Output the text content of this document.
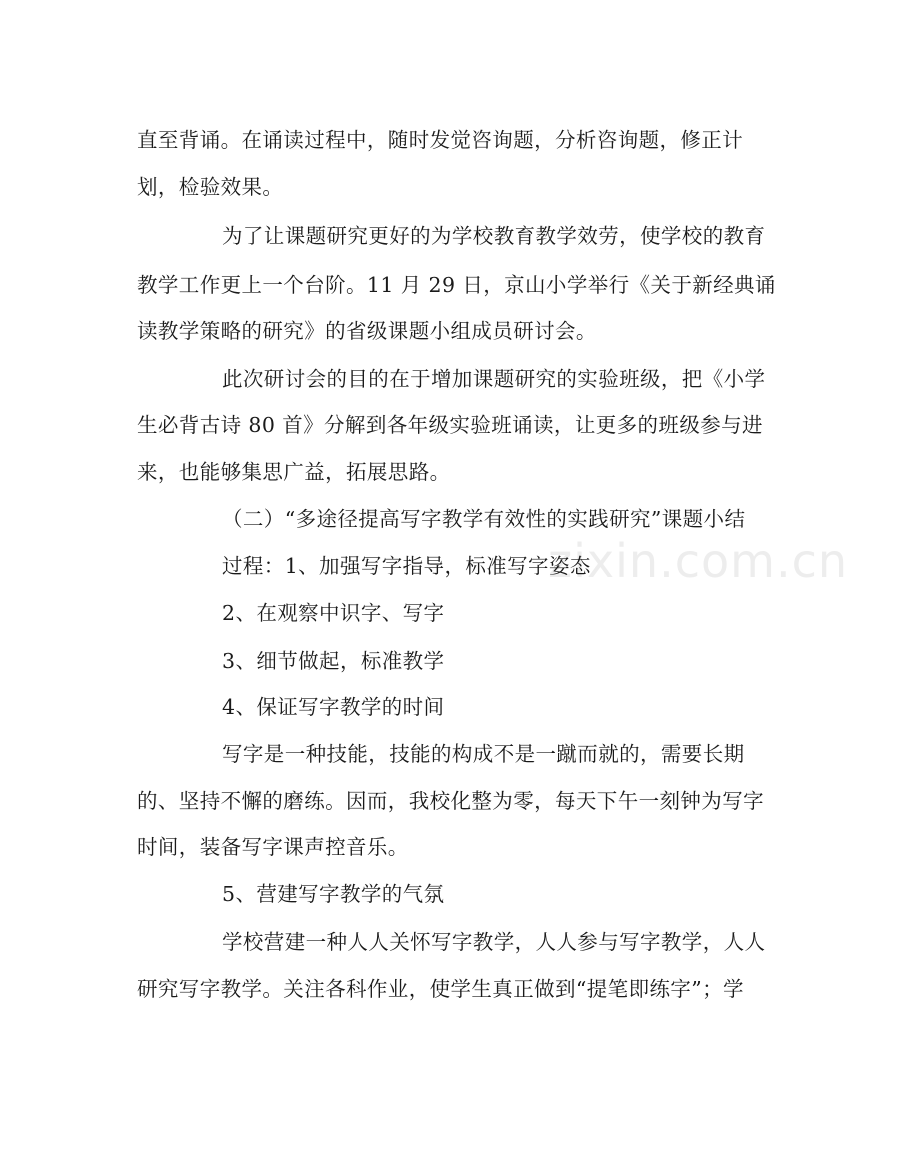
zixin.com.cn
直至背诵。在诵读过程中，随时发觉咨询题，分析咨询题，修正计
划，检验效果。
为了让课题研究更好的为学校教育教学效劳，使学校的教育
教学工作更上一个台阶。11 月 29 日，京山小学举行《关于新经典诵
读教学策略的研究》的省级课题小组成员研讨会。
此次研讨会的目的在于增加课题研究的实验班级，把《小学
生必背古诗 80 首》分解到各年级实验班诵读，让更多的班级参与进
来，也能够集思广益，拓展思路。
（二）“多途径提高写字教学有效性的实践研究”课题小结
过程：1、加强写字指导，标准写字姿态
2、在观察中识字、写字
3、细节做起，标准教学
4、保证写字教学的时间
写字是一种技能，技能的构成不是一蹴而就的，需要长期
的、坚持不懈的磨练。因而，我校化整为零，每天下午一刻钟为写字
时间，装备写字课声控音乐。
5、营建写字教学的气氛
学校营建一种人人关怀写字教学，人人参与写字教学，人人
研究写字教学。关注各科作业，使学生真正做到“提笔即练字”；学
